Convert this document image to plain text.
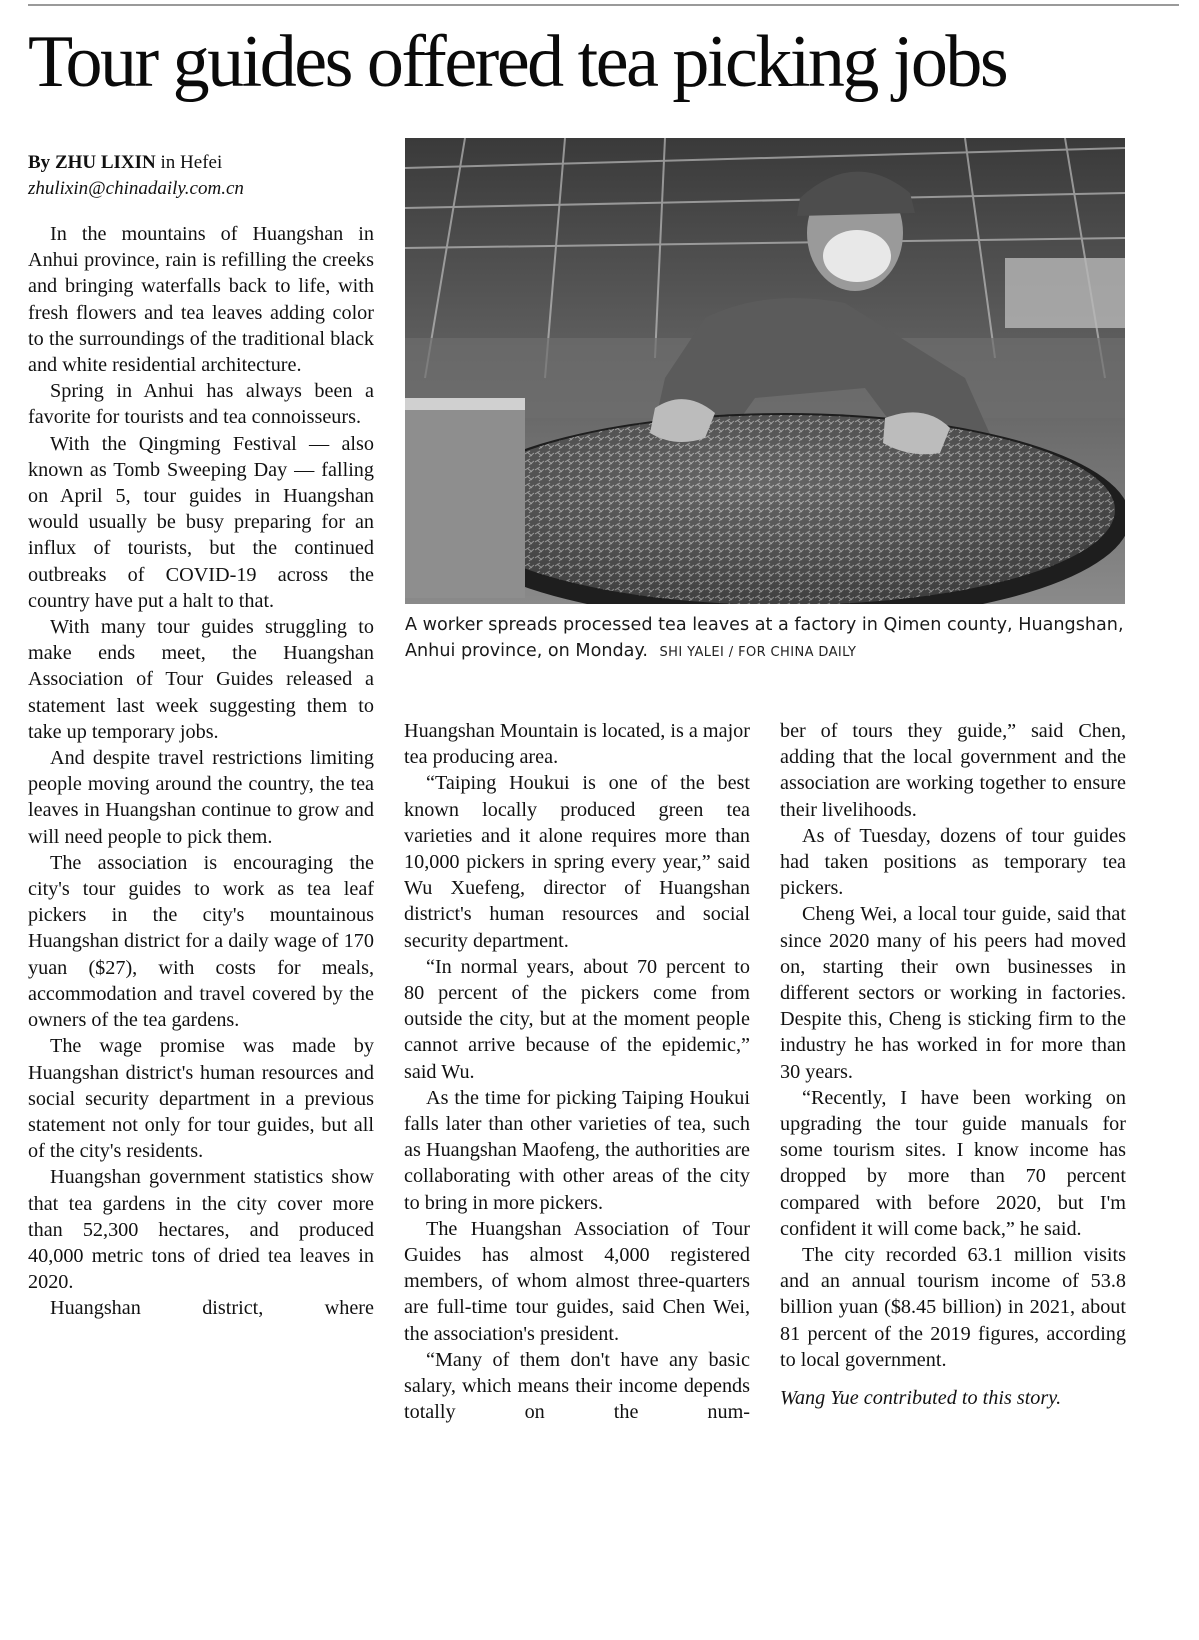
Tour guides offered tea picking jobs
By ZHU LIXIN in Hefei
zhulixin@chinadaily.com.cn

In the mountains of Huangshan in Anhui province, rain is refilling the creeks and bringing waterfalls back to life, with fresh flowers and tea leaves adding color to the surroundings of the traditional black and white residential architecture.

Spring in Anhui has always been a favorite for tourists and tea connoisseurs.

With the Qingming Festival — also known as Tomb Sweeping Day — falling on April 5, tour guides in Huangshan would usually be busy preparing for an influx of tourists, but the continued outbreaks of COVID-19 across the country have put a halt to that.

With many tour guides struggling to make ends meet, the Huangshan Association of Tour Guides released a statement last week suggesting them to take up temporary jobs.

And despite travel restrictions limiting people moving around the country, the tea leaves in Huangshan continue to grow and will need people to pick them.

The association is encouraging the city's tour guides to work as tea leaf pickers in the city's mountainous Huangshan district for a daily wage of 170 yuan ($27), with costs for meals, accommodation and travel covered by the owners of the tea gardens.

The wage promise was made by Huangshan district's human resources and social security department in a previous statement not only for tour guides, but all of the city's residents.

Huangshan government statistics show that tea gardens in the city cover more than 52,300 hectares, and produced 40,000 metric tons of dried tea leaves in 2020.

Huangshan district, where

A worker spreads processed tea leaves at a factory in Qimen county, Huangshan, Anhui province, on Monday. SHI YALEI / FOR CHINA DAILY

Huangshan Mountain is located, is a major tea producing area.

“Taiping Houkui is one of the best known locally produced green tea varieties and it alone requires more than 10,000 pickers in spring every year,” said Wu Xuefeng, director of Huangshan district's human resources and social security department.

“In normal years, about 70 percent to 80 percent of the pickers come from outside the city, but at the moment people cannot arrive because of the epidemic,” said Wu.

As the time for picking Taiping Houkui falls later than other varieties of tea, such as Huangshan Maofeng, the authorities are collaborating with other areas of the city to bring in more pickers.

The Huangshan Association of Tour Guides has almost 4,000 registered members, of whom almost three-quarters are full-time tour guides, said Chen Wei, the association's president.

“Many of them don't have any basic salary, which means their income depends totally on the num-

ber of tours they guide,” said Chen, adding that the local government and the association are working together to ensure their livelihoods.

As of Tuesday, dozens of tour guides had taken positions as temporary tea pickers.

Cheng Wei, a local tour guide, said that since 2020 many of his peers had moved on, starting their own businesses in different sectors or working in factories. Despite this, Cheng is sticking firm to the industry he has worked in for more than 30 years.

“Recently, I have been working on upgrading the tour guide manuals for some tourism sites. I know income has dropped by more than 70 percent compared with before 2020, but I'm confident it will come back,” he said.

The city recorded 63.1 million visits and an annual tourism income of 53.8 billion yuan ($8.45 billion) in 2021, about 81 percent of the 2019 figures, according to local government.

Wang Yue contributed to this story.
